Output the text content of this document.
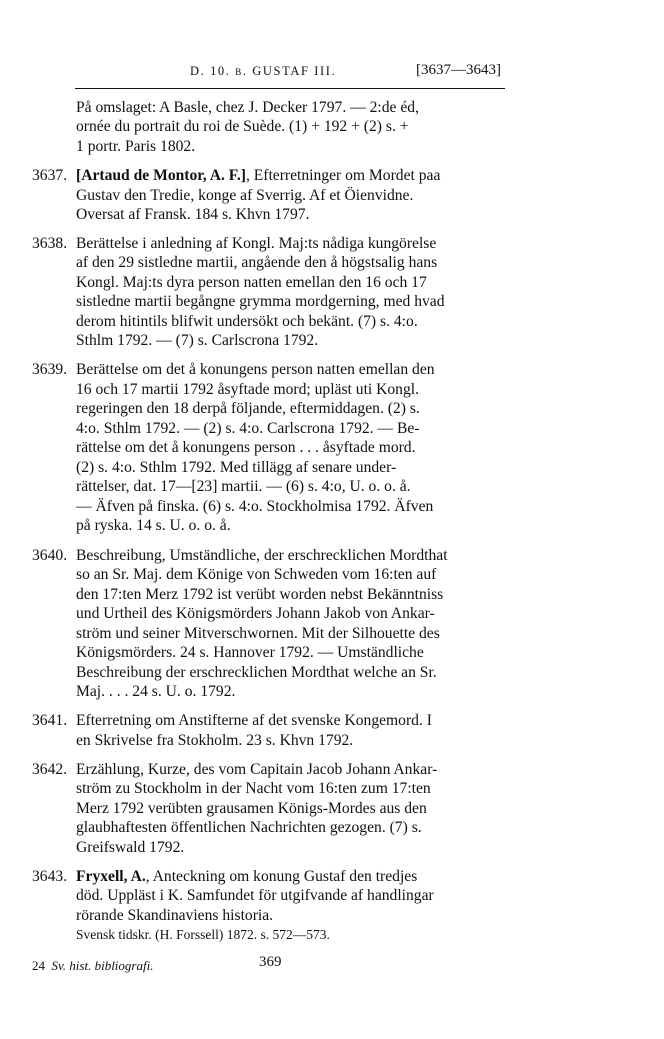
D. 10. b. GUSTAF III.	[3637—3643]
På omslaget: A Basle, chez J. Decker 1797. — 2:de éd,
ornée du portrait du roi de Suède. (1) + 192 + (2) s. +
1 portr. Paris 1802.
3637. [Artaud de Montor, A. F.], Efterretninger om Mordet paa
Gustav den Tredie, konge af Sverrig. Af et Öienvidne.
Oversat af Fransk. 184 s. Khvn 1797.
3638. Berättelse i anledning af Kongl. Maj:ts nådiga kungörelse
af den 29 sistledne martii, angående den å högstsalig hans
Kongl. Maj:ts dyra person natten emellan den 16 och 17
sistledne martii begångne grymma mordgerning, med hvad
derom hitintils blifwit undersökt och bekänt. (7) s. 4:o.
Sthlm 1792. — (7) s. Carlscrona 1792.
3639. Berättelse om det å konungens person natten emellan den
16 och 17 martii 1792 åsyftade mord; upläst uti Kongl.
regeringen den 18 derpå följande, eftermiddagen. (2) s.
4:o. Sthlm 1792. — (2) s. 4:o. Carlscrona 1792. — Be-
rättelse om det å konungens person . . . åsyftade mord.
(2) s. 4:o. Sthlm 1792. Med tillägg af senare under-
rättelser, dat. 17—[23] martii. — (6) s. 4:o, U. o. o. å.
— Äfven på finska. (6) s. 4:o. Stockholmisa 1792. Äfven
på ryska. 14 s. U. o. o. å.
3640. Beschreibung, Umständliche, der erschrecklichen Mordthat
so an Sr. Maj. dem Könige von Schweden vom 16:ten auf
den 17:ten Merz 1792 ist verübt worden nebst Bekänntniss
und Urtheil des Königsmörders Johann Jakob von Ankar-
ström und seiner Mitverschwornen. Mit der Silhouette des
Königsmörders. 24 s. Hannover 1792. — Umständliche
Beschreibung der erschrecklichen Mordthat welche an Sr.
Maj. . . . 24 s. U. o. 1792.
3641. Efterretning om Anstifterne af det svenske Kongemord. I
en Skrivelse fra Stokholm. 23 s. Khvn 1792.
3642. Erzählung, Kurze, des vom Capitain Jacob Johann Ankar-
ström zu Stockholm in der Nacht vom 16:ten zum 17:ten
Merz 1792 verübten grausamen Königs-Mordes aus den
glaubhaftesten öffentlichen Nachrichten gezogen. (7) s.
Greifswald 1792.
3643. Fryxell, A., Anteckning om konung Gustaf den tredjes
död. Uppläst i K. Samfundet för utgifvande af handlingar
rörande Skandinaviens historia.
Svensk tidskr. (H. Forssell) 1872. s. 572—573.
24 Sv. hist. bibliografi.	369
